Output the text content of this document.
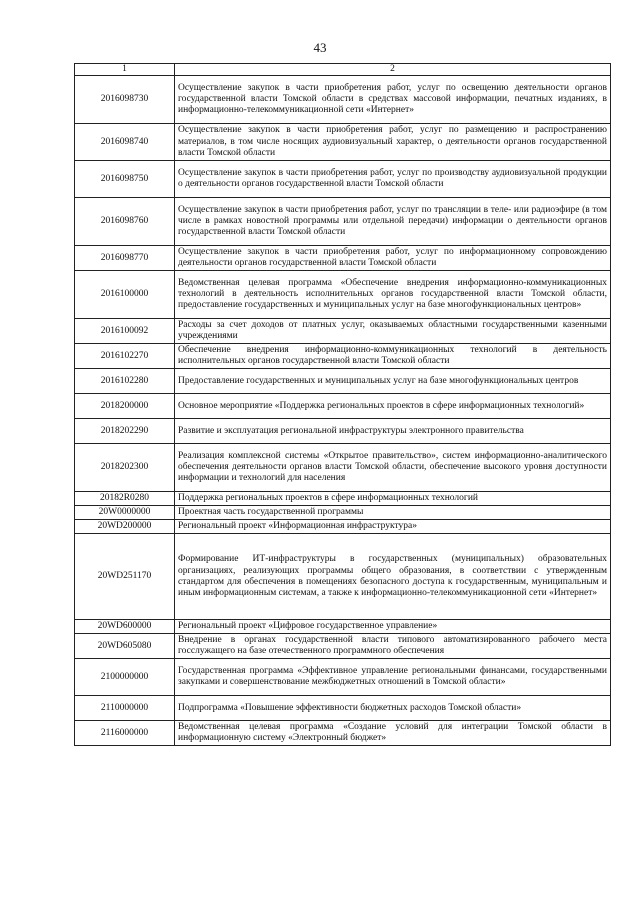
43
1	2
2016098730	Осуществление закупок в части приобретения работ, услуг по освещению деятельности органов государственной власти Томской области в средствах массовой информации, печатных изданиях, в информационно-телекоммуникационной сети «Интернет»
2016098740	Осуществление закупок в части приобретения работ, услуг по размещению и распространению материалов, в том числе носящих аудиовизуальный характер, о деятельности органов государственной власти Томской области
2016098750	Осуществление закупок в части приобретения работ, услуг по производству аудиовизуальной продукции о деятельности органов государственной власти Томской области
2016098760	Осуществление закупок в части приобретения работ, услуг по трансляции в теле- или радиоэфире (в том числе в рамках новостной программы или отдельной передачи) информации о деятельности органов государственной власти Томской области
2016098770	Осуществление закупок в части приобретения работ, услуг по информационному сопровождению деятельности органов государственной власти Томской области
2016100000	Ведомственная целевая программа «Обеспечение внедрения информационно-коммуникационных технологий в деятельность исполнительных органов государственной власти Томской области, предоставление государственных и муниципальных услуг на базе многофункциональных центров»
2016100092	Расходы за счет доходов от платных услуг, оказываемых областными государственными казенными учреждениями
2016102270	Обеспечение внедрения информационно-коммуникационных технологий в деятельность исполнительных органов государственной власти Томской области
2016102280	Предоставление государственных и муниципальных услуг на базе многофункциональных центров
2018200000	Основное мероприятие «Поддержка региональных проектов в сфере информационных технологий»
2018202290	Развитие и эксплуатация региональной инфраструктуры электронного правительства
2018202300	Реализация комплексной системы «Открытое правительство», систем информационно-аналитического обеспечения деятельности органов власти Томской области, обеспечение высокого уровня доступности информации и технологий для населения
20182R0280	Поддержка региональных проектов в сфере информационных технологий
20W0000000	Проектная часть государственной программы
20WD200000	Региональный проект «Информационная инфраструктура»
20WD251170	Формирование ИТ-инфраструктуры в государственных (муниципальных) образовательных организациях, реализующих программы общего образования, в соответствии с утвержденным стандартом для обеспечения в помещениях безопасного доступа к государственным, муниципальным и иным информационным системам, а также к информационно-телекоммуникационной сети «Интернет»
20WD600000	Региональный проект «Цифровое государственное управление»
20WD605080	Внедрение в органах государственной власти типового автоматизированного рабочего места госслужащего на базе отечественного программного обеспечения
2100000000	Государственная программа «Эффективное управление региональными финансами, государственными закупками и совершенствование межбюджетных отношений в Томской области»
2110000000	Подпрограмма «Повышение эффективности бюджетных расходов Томской области»
2116000000	Ведомственная целевая программа «Создание условий для интеграции Томской области в информационную систему «Электронный бюджет»
